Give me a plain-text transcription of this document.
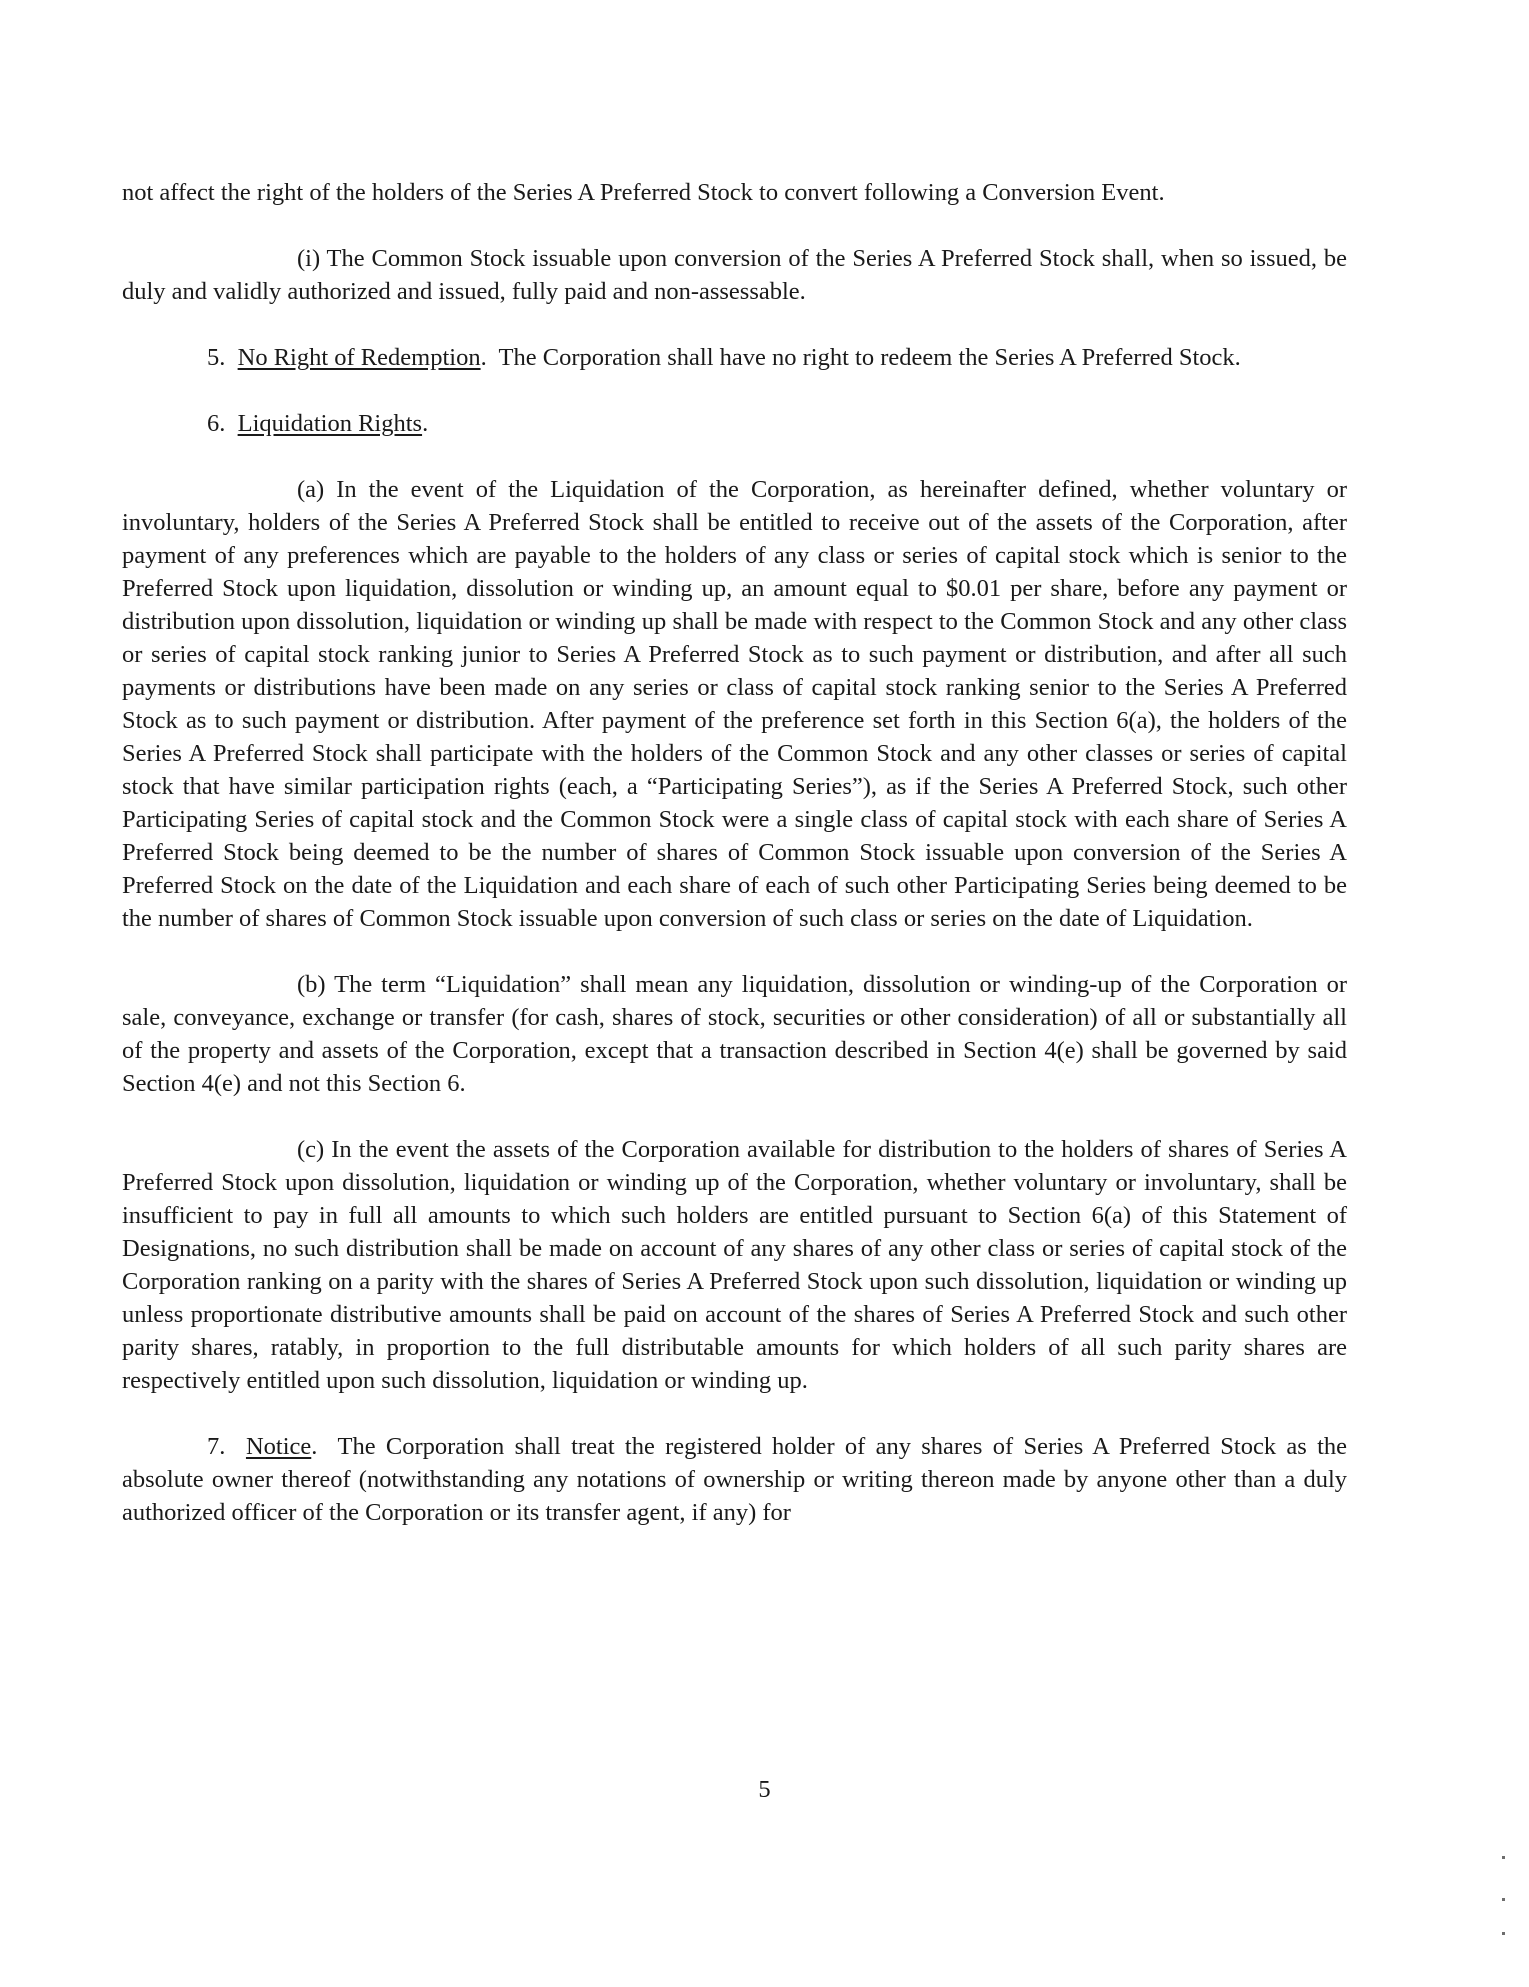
not affect the right of the holders of the Series A Preferred Stock to convert following a Conversion Event.

(i) The Common Stock issuable upon conversion of the Series A Preferred Stock shall, when so issued, be duly and validly authorized and issued, fully paid and non-assessable.

5. No Right of Redemption.  The Corporation shall have no right to redeem the Series A Preferred Stock.

6. Liquidation Rights.

(a) In the event of the Liquidation of the Corporation, as hereinafter defined, whether voluntary or involuntary, holders of the Series A Preferred Stock shall be entitled to receive out of the assets of the Corporation, after payment of any preferences which are payable to the holders of any class or series of capital stock which is senior to the Preferred Stock upon liquidation, dissolution or winding up, an amount equal to $0.01 per share, before any payment or distribution upon dissolution, liquidation or winding up shall be made with respect to the Common Stock and any other class or series of capital stock ranking junior to Series A Preferred Stock as to such payment or distribution, and after all such payments or distributions have been made on any series or class of capital stock ranking senior to the Series A Preferred Stock as to such payment or distribution. After payment of the preference set forth in this Section 6(a), the holders of the Series A Preferred Stock shall participate with the holders of the Common Stock and any other classes or series of capital stock that have similar participation rights (each, a “Participating Series”), as if the Series A Preferred Stock, such other Participating Series of capital stock and the Common Stock were a single class of capital stock with each share of Series A Preferred Stock being deemed to be the number of shares of Common Stock issuable upon conversion of the Series A Preferred Stock on the date of the Liquidation and each share of each of such other Participating Series being deemed to be the number of shares of Common Stock issuable upon conversion of such class or series on the date of Liquidation.

(b) The term “Liquidation” shall mean any liquidation, dissolution or winding-up of the Corporation or sale, conveyance, exchange or transfer (for cash, shares of stock, securities or other consideration) of all or substantially all of the property and assets of the Corporation, except that a transaction described in Section 4(e) shall be governed by said Section 4(e) and not this Section 6.

(c) In the event the assets of the Corporation available for distribution to the holders of shares of Series A Preferred Stock upon dissolution, liquidation or winding up of the Corporation, whether voluntary or involuntary, shall be insufficient to pay in full all amounts to which such holders are entitled pursuant to Section 6(a) of this Statement of Designations, no such distribution shall be made on account of any shares of any other class or series of capital stock of the Corporation ranking on a parity with the shares of Series A Preferred Stock upon such dissolution, liquidation or winding up unless proportionate distributive amounts shall be paid on account of the shares of Series A Preferred Stock and such other parity shares, ratably, in proportion to the full distributable amounts for which holders of all such parity shares are respectively entitled upon such dissolution, liquidation or winding up.

7. Notice.  The Corporation shall treat the registered holder of any shares of Series A Preferred Stock as the absolute owner thereof (notwithstanding any notations of ownership or writing thereon made by anyone other than a duly authorized officer of the Corporation or its transfer agent, if any) for

5
